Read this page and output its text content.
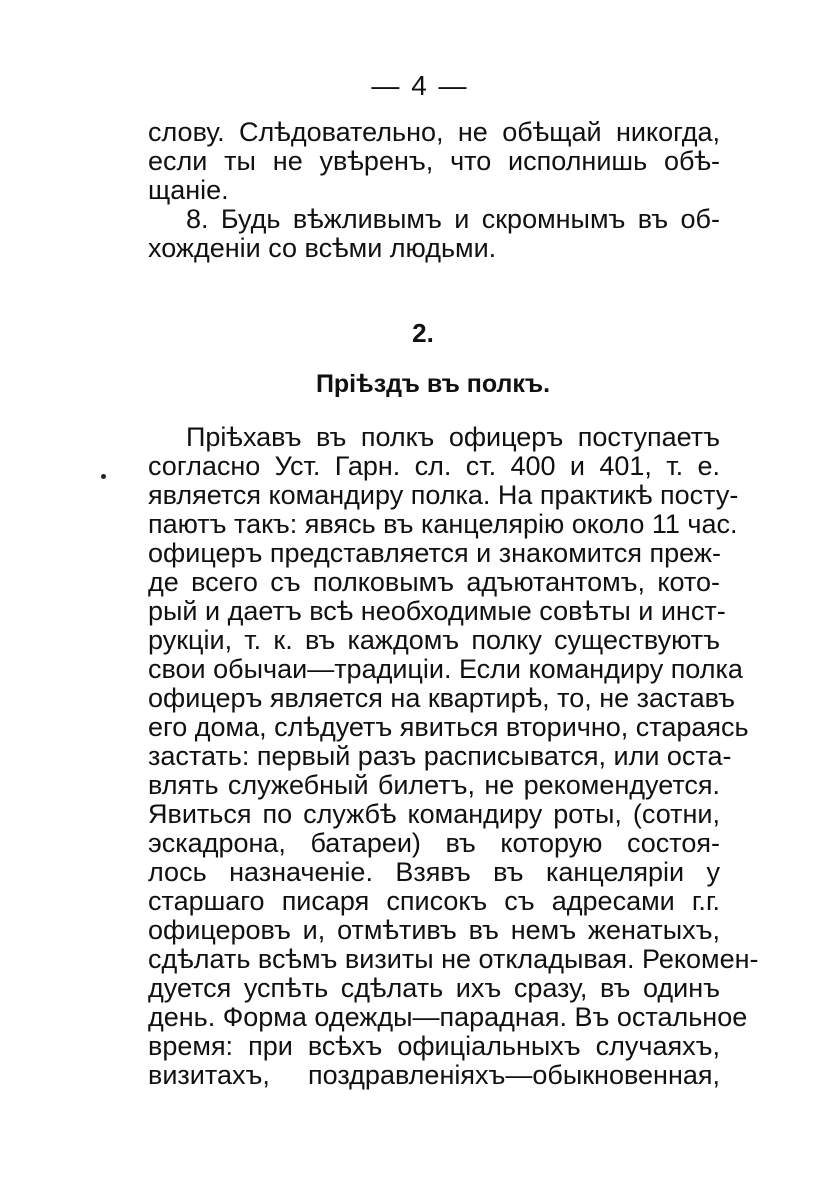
— 4 —
слову. Слѣдовательно, не обѣщай никогда,
если ты не увѣренъ, что исполнишь обѣ-
щаніе.
8. Будь вѣжливымъ и скромнымъ въ об-
хожденіи со всѣми людьми.
2.
Пріѣздъ въ полкъ.
Пріѣхавъ въ полкъ офицеръ поступаетъ
согласно Уст. Гарн. сл. ст. 400 и 401, т. е.
является командиру полка. На практикѣ посту-
паютъ такъ: явясь въ канцелярію около 11 час.
офицеръ представляется и знакомится преж-
де всего съ полковымъ адъютантомъ, кото-
рый и даетъ всѣ необходимые совѣты и инст-
рукціи, т. к. въ каждомъ полку существуютъ
свои обычаи—традиціи. Если командиру полка
офицеръ является на квартирѣ, то, не заставъ
его дома, слѣдуетъ явиться вторично, стараясь
застать: первый разъ расписыватся, или оста-
влять служебный билетъ, не рекомендуется.
Явиться по службѣ командиру роты, (сотни,
эскадрона, батареи) въ которую состоя-
лось назначеніе. Взявъ въ канцеляріи у
старшаго писаря списокъ съ адресами г.г.
офицеровъ и, отмѣтивъ въ немъ женатыхъ,
сдѣлать всѣмъ визиты не откладывая. Рекомен-
дуется успѣть сдѣлать ихъ сразу, въ одинъ
день. Форма одежды—парадная. Въ остальное
время: при всѣхъ офиціальныхъ случаяхъ,
визитахъ, поздравленіяхъ—обыкновенная,
